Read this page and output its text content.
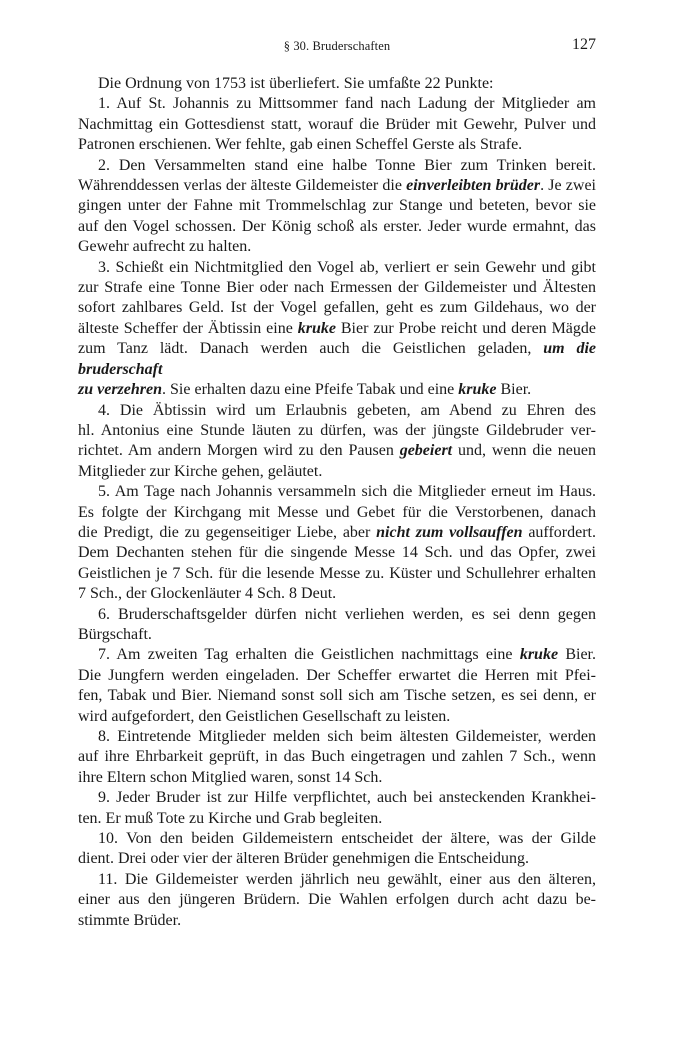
§ 30. Bruderschaften	127
Die Ordnung von 1753 ist überliefert. Sie umfaßte 22 Punkte:
1. Auf St. Johannis zu Mittsommer fand nach Ladung der Mitglieder am
Nachmittag ein Gottesdienst statt, worauf die Brüder mit Gewehr, Pulver und
Patronen erschienen. Wer fehlte, gab einen Scheffel Gerste als Strafe.
2. Den Versammelten stand eine halbe Tonne Bier zum Trinken bereit.
Währenddessen verlas der älteste Gildemeister die einverleibten brüder. Je zwei
gingen unter der Fahne mit Trommelschlag zur Stange und beteten, bevor sie
auf den Vogel schossen. Der König schoß als erster. Jeder wurde ermahnt, das
Gewehr aufrecht zu halten.
3. Schießt ein Nichtmitglied den Vogel ab, verliert er sein Gewehr und gibt
zur Strafe eine Tonne Bier oder nach Ermessen der Gildemeister und Ältesten
sofort zahlbares Geld. Ist der Vogel gefallen, geht es zum Gildehaus, wo der
älteste Scheffer der Äbtissin eine kruke Bier zur Probe reicht und deren Mägde
zum Tanz lädt. Danach werden auch die Geistlichen geladen, um die bruderschaft
zu verzehren. Sie erhalten dazu eine Pfeife Tabak und eine kruke Bier.
4. Die Äbtissin wird um Erlaubnis gebeten, am Abend zu Ehren des
hl. Antonius eine Stunde läuten zu dürfen, was der jüngste Gildebruder ver-
richtet. Am andern Morgen wird zu den Pausen gebeiert und, wenn die neuen
Mitglieder zur Kirche gehen, geläutet.
5. Am Tage nach Johannis versammeln sich die Mitglieder erneut im Haus.
Es folgte der Kirchgang mit Messe und Gebet für die Verstorbenen, danach
die Predigt, die zu gegenseitiger Liebe, aber nicht zum vollsauffen auffordert.
Dem Dechanten stehen für die singende Messe 14 Sch. und das Opfer, zwei
Geistlichen je 7 Sch. für die lesende Messe zu. Küster und Schullehrer erhalten
7 Sch., der Glockenläuter 4 Sch. 8 Deut.
6. Bruderschaftsgelder dürfen nicht verliehen werden, es sei denn gegen
Bürgschaft.
7. Am zweiten Tag erhalten die Geistlichen nachmittags eine kruke Bier.
Die Jungfern werden eingeladen. Der Scheffer erwartet die Herren mit Pfei-
fen, Tabak und Bier. Niemand sonst soll sich am Tische setzen, es sei denn, er
wird aufgefordert, den Geistlichen Gesellschaft zu leisten.
8. Eintretende Mitglieder melden sich beim ältesten Gildemeister, werden
auf ihre Ehrbarkeit geprüft, in das Buch eingetragen und zahlen 7 Sch., wenn
ihre Eltern schon Mitglied waren, sonst 14 Sch.
9. Jeder Bruder ist zur Hilfe verpflichtet, auch bei ansteckenden Krankhei-
ten. Er muß Tote zu Kirche und Grab begleiten.
10. Von den beiden Gildemeistern entscheidet der ältere, was der Gilde
dient. Drei oder vier der älteren Brüder genehmigen die Entscheidung.
11. Die Gildemeister werden jährlich neu gewählt, einer aus den älteren,
einer aus den jüngeren Brüdern. Die Wahlen erfolgen durch acht dazu be-
stimmte Brüder.
